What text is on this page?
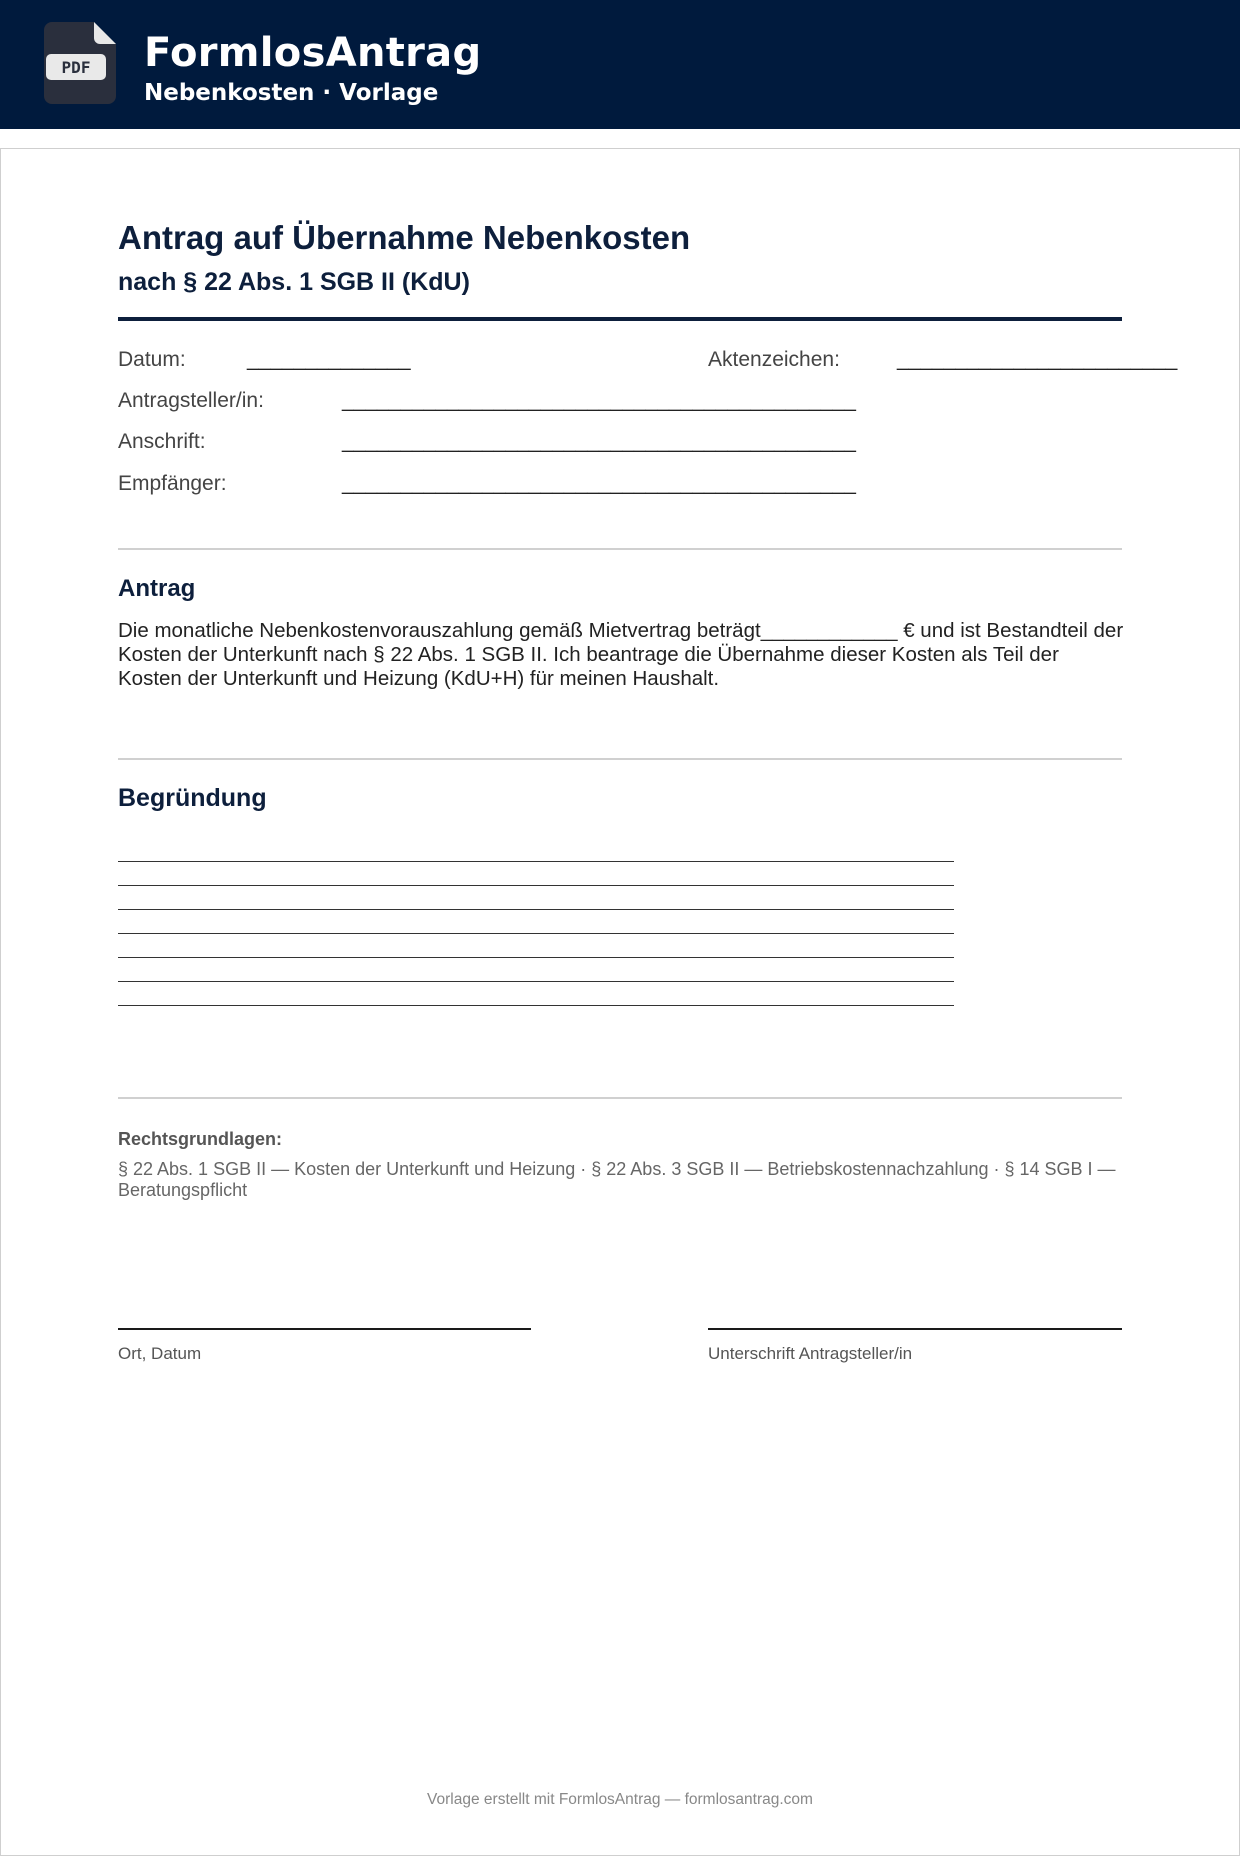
PDF FormlosAntrag
Nebenkosten · Vorlage
Antrag auf Übernahme Nebenkosten
nach § 22 Abs. 1 SGB II (KdU)
Datum:	______________	Aktenzeichen:	________________________
Antragsteller/in:	____________________________________________
Anschrift:	____________________________________________
Empfänger:	____________________________________________
Antrag
Die monatliche Nebenkostenvorauszahlung gemäß Mietvertrag beträgt____________ € und ist Bestandteil der Kosten der Unterkunft nach § 22 Abs. 1 SGB II. Ich beantrage die Übernahme dieser Kosten als Teil der Kosten der Unterkunft und Heizung (KdU+H) für meinen Haushalt.
Begründung
Rechtsgrundlagen:
§ 22 Abs. 1 SGB II — Kosten der Unterkunft und Heizung · § 22 Abs. 3 SGB II — Betriebskostennachzahlung · § 14 SGB I — Beratungspflicht
Ort, Datum	Unterschrift Antragsteller/in
Vorlage erstellt mit FormlosAntrag — formlosantrag.com
